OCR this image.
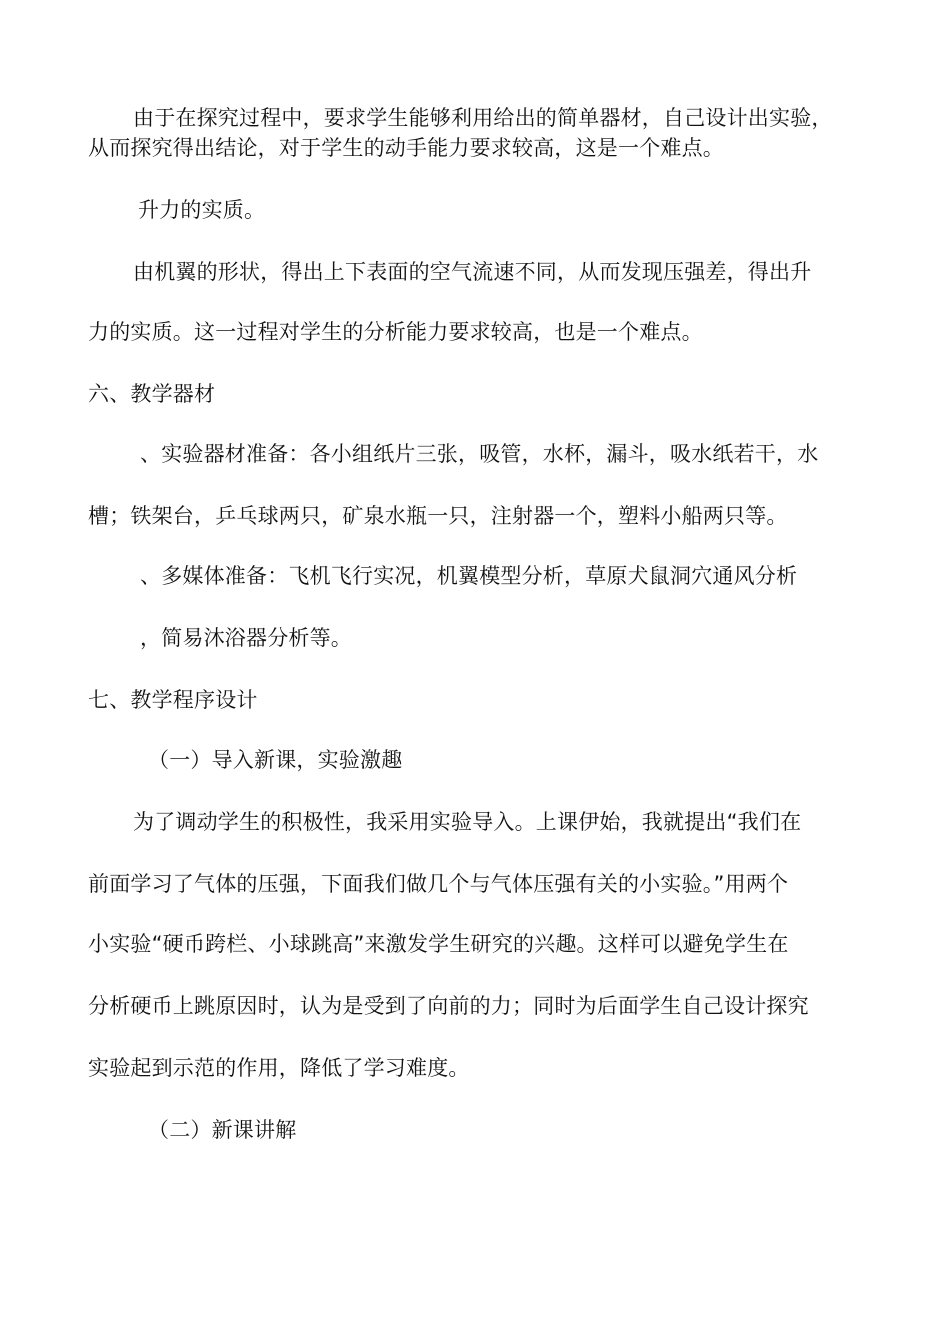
由于在探究过程中，要求学生能够利用给出的简单器材，自己设计出实验，
从而探究得出结论，对于学生的动手能力要求较高，这是一个难点。
升力的实质。
由机翼的形状，得出上下表面的空气流速不同，从而发现压强差，得出升
力的实质。这一过程对学生的分析能力要求较高，也是一个难点。
六、教学器材
、实验器材准备：各小组纸片三张，吸管，水杯，漏斗，吸水纸若干，水
槽；铁架台，乒乓球两只，矿泉水瓶一只，注射器一个，塑料小船两只等。
、多媒体准备：飞机飞行实况，机翼模型分析，草原犬鼠洞穴通风分析
，简易沐浴器分析等。
七、教学程序设计
（一）导入新课，实验激趣
为了调动学生的积极性，我采用实验导入。上课伊始，我就提出“我们在
前面学习了气体的压强，下面我们做几个与气体压强有关的小实验。”用两个
小实验“硬币跨栏、小球跳高”来激发学生研究的兴趣。这样可以避免学生在
分析硬币上跳原因时，认为是受到了向前的力；同时为后面学生自己设计探究
实验起到示范的作用，降低了学习难度。
（二）新课讲解
